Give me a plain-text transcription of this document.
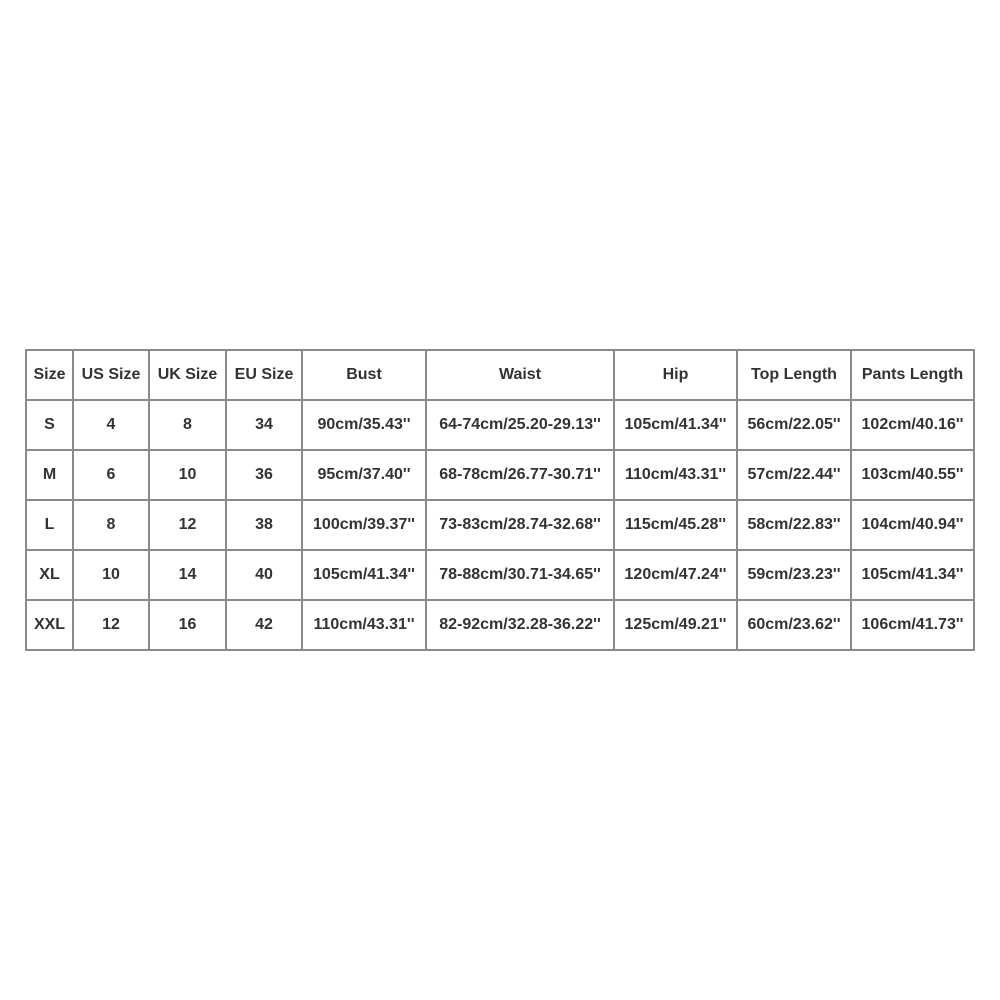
Size	US Size	UK Size	EU Size	Bust	Waist	Hip	Top Length	Pants Length
S	4	8	34	90cm/35.43''	64-74cm/25.20-29.13''	105cm/41.34''	56cm/22.05''	102cm/40.16''
M	6	10	36	95cm/37.40''	68-78cm/26.77-30.71''	110cm/43.31''	57cm/22.44''	103cm/40.55''
L	8	12	38	100cm/39.37''	73-83cm/28.74-32.68''	115cm/45.28''	58cm/22.83''	104cm/40.94''
XL	10	14	40	105cm/41.34''	78-88cm/30.71-34.65''	120cm/47.24''	59cm/23.23''	105cm/41.34''
XXL	12	16	42	110cm/43.31''	82-92cm/32.28-36.22''	125cm/49.21''	60cm/23.62''	106cm/41.73''
